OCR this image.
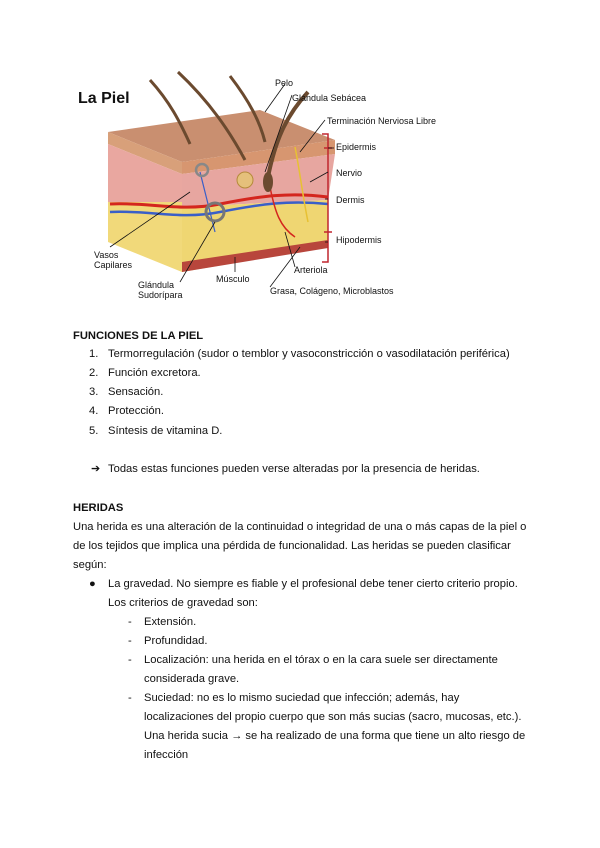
La Piel
Pelo
Glándula Sebácea
Terminación Nerviosa Libre
Epidermis
Nervio
Dermis
Hipodermis
Vasos
Capilares	Arteriola
Glándula
Sudorípara
Músculo
Grasa, Colágeno, Microblastos
FUNCIONES DE LA PIEL
1. Termorregulación (sudor o temblor y vasoconstricción o vasodilatación periférica)
2. Función excretora.
3. Sensación.
4. Protección.
5. Síntesis de vitamina D.
➔ Todas estas funciones pueden verse alteradas por la presencia de heridas.
HERIDAS
Una herida es una alteración de la continuidad o integridad de una o más capas de la piel o
de los tejidos que implica una pérdida de funcionalidad. Las heridas se pueden clasificar
según:
● La gravedad. No siempre es fiable y el profesional debe tener cierto criterio propio.
Los criterios de gravedad son:
- Extensión.
- Profundidad.
- Localización: una herida en el tórax o en la cara suele ser directamente
considerada grave.
- Suciedad: no es lo mismo suciedad que infección; además, hay
localizaciones del propio cuerpo que son más sucias (sacro, mucosas, etc.).
Una herida sucia → se ha realizado de una forma que tiene un alto riesgo de
infección
